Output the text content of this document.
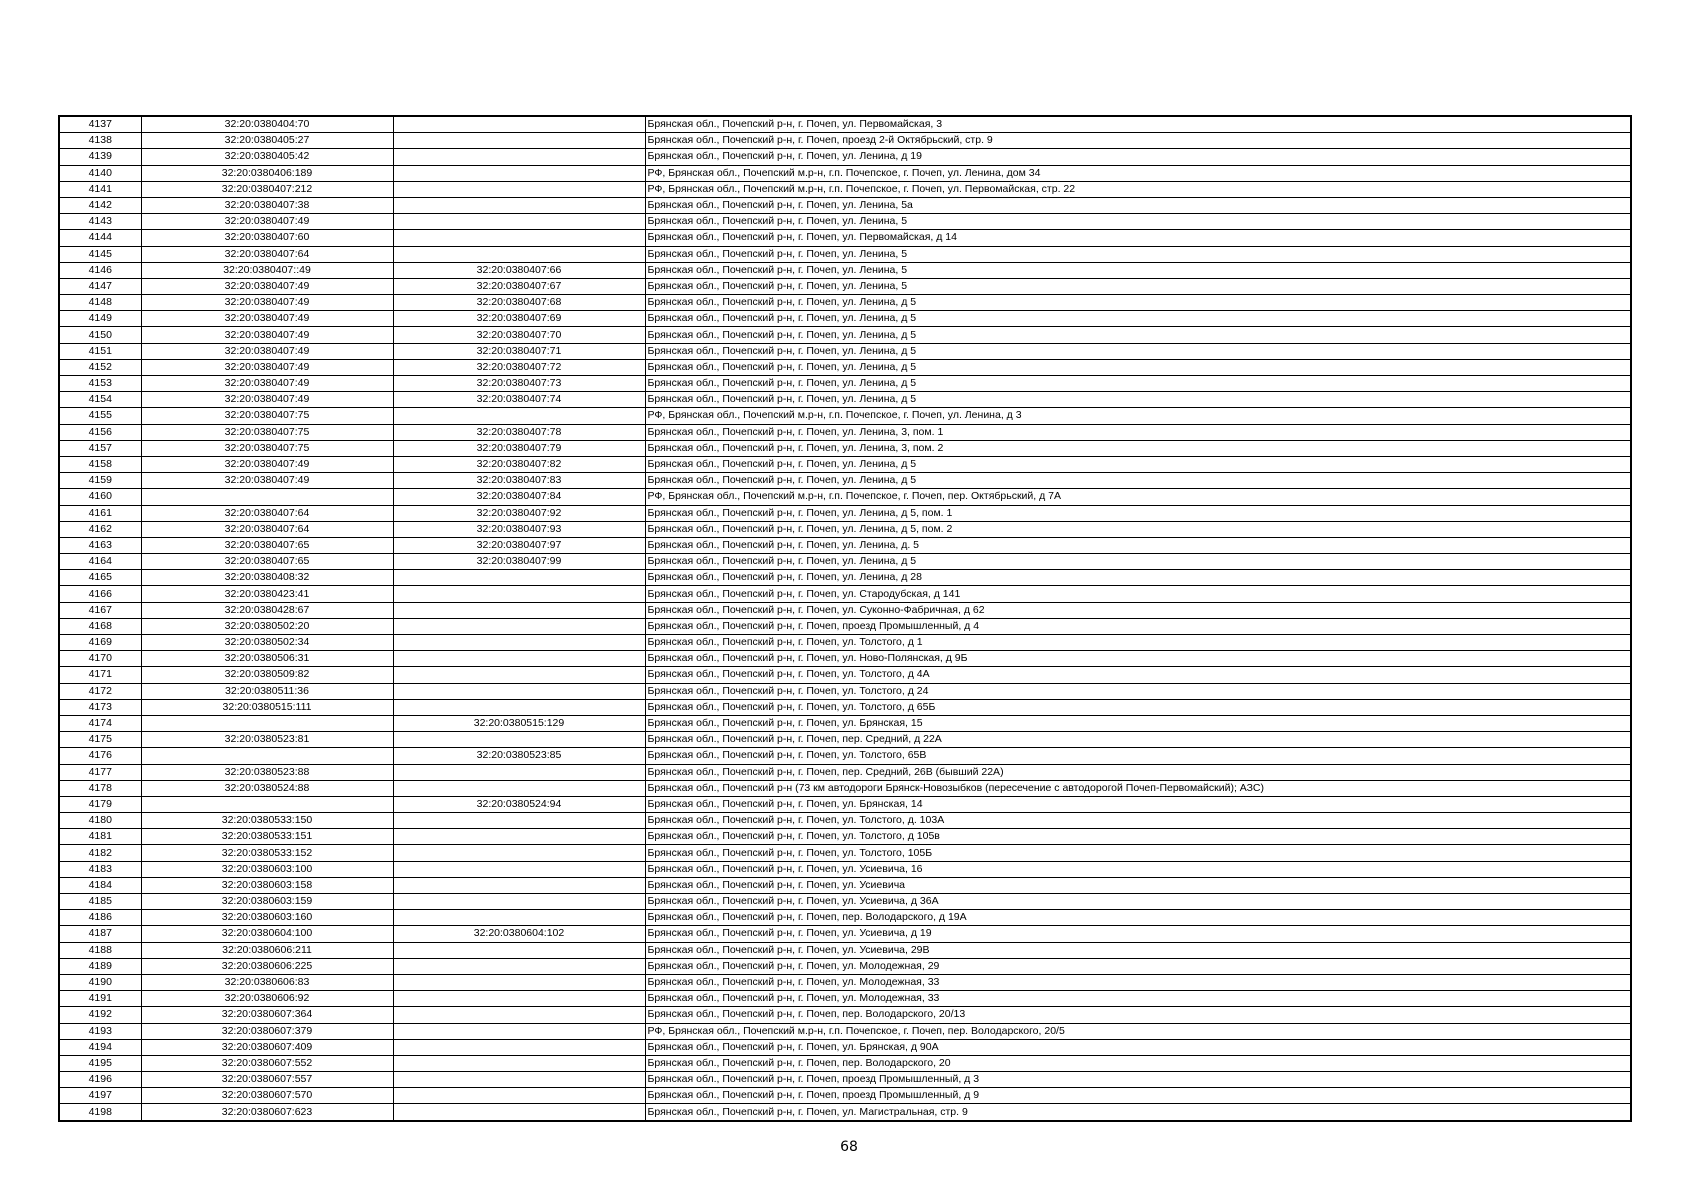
4137	32:20:0380404:70		Брянская обл., Почепский р-н, г. Почеп, ул. Первомайская, 3
4138	32:20:0380405:27		Брянская обл., Почепский р-н, г. Почеп, проезд 2-й Октябрьский, стр. 9
4139	32:20:0380405:42		Брянская обл., Почепский р-н, г. Почеп, ул. Ленина, д 19
4140	32:20:0380406:189		РФ, Брянская обл., Почепский м.р-н, г.п. Почепское, г. Почеп, ул. Ленина, дом 34
4141	32:20:0380407:212		РФ, Брянская обл., Почепский м.р-н, г.п. Почепское, г. Почеп, ул. Первомайская, стр. 22
4142	32:20:0380407:38		Брянская обл., Почепский р-н, г. Почеп, ул. Ленина, 5а
4143	32:20:0380407:49		Брянская обл., Почепский р-н, г. Почеп, ул. Ленина, 5
4144	32:20:0380407:60		Брянская обл., Почепский р-н, г. Почеп, ул. Первомайская, д 14
4145	32:20:0380407:64		Брянская обл., Почепский р-н, г. Почеп, ул. Ленина, 5
4146	32:20:0380407::49	32:20:0380407:66	Брянская обл., Почепский р-н, г. Почеп, ул. Ленина, 5
4147	32:20:0380407:49	32:20:0380407:67	Брянская обл., Почепский р-н, г. Почеп, ул. Ленина, 5
4148	32:20:0380407:49	32:20:0380407:68	Брянская обл., Почепский р-н, г. Почеп, ул. Ленина, д 5
4149	32:20:0380407:49	32:20:0380407:69	Брянская обл., Почепский р-н, г. Почеп, ул. Ленина, д 5
4150	32:20:0380407:49	32:20:0380407:70	Брянская обл., Почепский р-н, г. Почеп, ул. Ленина, д 5
4151	32:20:0380407:49	32:20:0380407:71	Брянская обл., Почепский р-н, г. Почеп, ул. Ленина, д 5
4152	32:20:0380407:49	32:20:0380407:72	Брянская обл., Почепский р-н, г. Почеп, ул. Ленина, д 5
4153	32:20:0380407:49	32:20:0380407:73	Брянская обл., Почепский р-н, г. Почеп, ул. Ленина, д 5
4154	32:20:0380407:49	32:20:0380407:74	Брянская обл., Почепский р-н, г. Почеп, ул. Ленина, д 5
4155	32:20:0380407:75		РФ, Брянская обл., Почепский м.р-н, г.п. Почепское, г. Почеп, ул. Ленина, д 3
4156	32:20:0380407:75	32:20:0380407:78	Брянская обл., Почепский р-н, г. Почеп, ул. Ленина, 3, пом. 1
4157	32:20:0380407:75	32:20:0380407:79	Брянская обл., Почепский р-н, г. Почеп, ул. Ленина, 3, пом. 2
4158	32:20:0380407:49	32:20:0380407:82	Брянская обл., Почепский р-н, г. Почеп, ул. Ленина, д 5
4159	32:20:0380407:49	32:20:0380407:83	Брянская обл., Почепский р-н, г. Почеп, ул. Ленина, д 5
4160		32:20:0380407:84	РФ, Брянская обл., Почепский м.р-н, г.п. Почепское, г. Почеп, пер. Октябрьский, д 7А
4161	32:20:0380407:64	32:20:0380407:92	Брянская обл., Почепский р-н, г. Почеп, ул. Ленина, д 5, пом. 1
4162	32:20:0380407:64	32:20:0380407:93	Брянская обл., Почепский р-н, г. Почеп, ул. Ленина, д 5, пом. 2
4163	32:20:0380407:65	32:20:0380407:97	Брянская обл., Почепский р-н, г. Почеп, ул. Ленина, д. 5
4164	32:20:0380407:65	32:20:0380407:99	Брянская обл., Почепский р-н, г. Почеп, ул. Ленина, д 5
4165	32:20:0380408:32		Брянская обл., Почепский р-н, г. Почеп, ул. Ленина, д 28
4166	32:20:0380423:41		Брянская обл., Почепский р-н, г. Почеп, ул. Стародубская, д 141
4167	32:20:0380428:67		Брянская обл., Почепский р-н, г. Почеп, ул. Суконно-Фабричная, д 62
4168	32:20:0380502:20		Брянская обл., Почепский р-н, г. Почеп, проезд Промышленный, д 4
4169	32:20:0380502:34		Брянская обл., Почепский р-н, г. Почеп, ул. Толстого, д 1
4170	32:20:0380506:31		Брянская обл., Почепский р-н, г. Почеп, ул. Ново-Полянская, д 9Б
4171	32:20:0380509:82		Брянская обл., Почепский р-н, г. Почеп, ул. Толстого, д 4А
4172	32:20:0380511:36		Брянская обл., Почепский р-н, г. Почеп, ул. Толстого, д 24
4173	32:20:0380515:111		Брянская обл., Почепский р-н, г. Почеп, ул. Толстого, д 65Б
4174		32:20:0380515:129	Брянская обл., Почепский р-н, г. Почеп, ул. Брянская, 15
4175	32:20:0380523:81		Брянская обл., Почепский р-н, г. Почеп, пер. Средний, д 22А
4176		32:20:0380523:85	Брянская обл., Почепский р-н, г. Почеп, ул. Толстого, 65В
4177	32:20:0380523:88		Брянская обл., Почепский р-н, г. Почеп, пер. Средний, 26В (бывший 22А)
4178	32:20:0380524:88		Брянская обл., Почепский р-н (73 км автодороги Брянск-Новозыбков (пересечение с автодорогой Почеп-Первомайский); АЗС)
4179		32:20:0380524:94	Брянская обл., Почепский р-н, г. Почеп, ул. Брянская, 14
4180	32:20:0380533:150		Брянская обл., Почепский р-н, г. Почеп, ул. Толстого, д. 103А
4181	32:20:0380533:151		Брянская обл., Почепский р-н, г. Почеп, ул. Толстого, д 105в
4182	32:20:0380533:152		Брянская обл., Почепский р-н, г. Почеп, ул. Толстого, 105Б
4183	32:20:0380603:100		Брянская обл., Почепский р-н, г. Почеп, ул. Усиевича, 16
4184	32:20:0380603:158		Брянская обл., Почепский р-н, г. Почеп, ул. Усиевича
4185	32:20:0380603:159		Брянская обл., Почепский р-н, г. Почеп, ул. Усиевича, д 36А
4186	32:20:0380603:160		Брянская обл., Почепский р-н, г. Почеп, пер. Володарского, д 19А
4187	32:20:0380604:100	32:20:0380604:102	Брянская обл., Почепский р-н, г. Почеп, ул. Усиевича, д 19
4188	32:20:0380606:211		Брянская обл., Почепский р-н, г. Почеп, ул. Усиевича, 29В
4189	32:20:0380606:225		Брянская обл., Почепский р-н, г. Почеп, ул. Молодежная, 29
4190	32:20:0380606:83		Брянская обл., Почепский р-н, г. Почеп, ул. Молодежная, 33
4191	32:20:0380606:92		Брянская обл., Почепский р-н, г. Почеп, ул. Молодежная, 33
4192	32:20:0380607:364		Брянская обл., Почепский р-н, г. Почеп, пер. Володарского, 20/13
4193	32:20:0380607:379		РФ, Брянская обл., Почепский м.р-н, г.п. Почепское, г. Почеп, пер. Володарского, 20/5
4194	32:20:0380607:409		Брянская обл., Почепский р-н, г. Почеп, ул. Брянская, д 90А
4195	32:20:0380607:552		Брянская обл., Почепский р-н, г. Почеп, пер. Володарского, 20
4196	32:20:0380607:557		Брянская обл., Почепский р-н, г. Почеп, проезд Промышленный, д 3
4197	32:20:0380607:570		Брянская обл., Почепский р-н, г. Почеп, проезд Промышленный, д 9
4198	32:20:0380607:623		Брянская обл., Почепский р-н, г. Почеп, ул. Магистральная, стр. 9
68
